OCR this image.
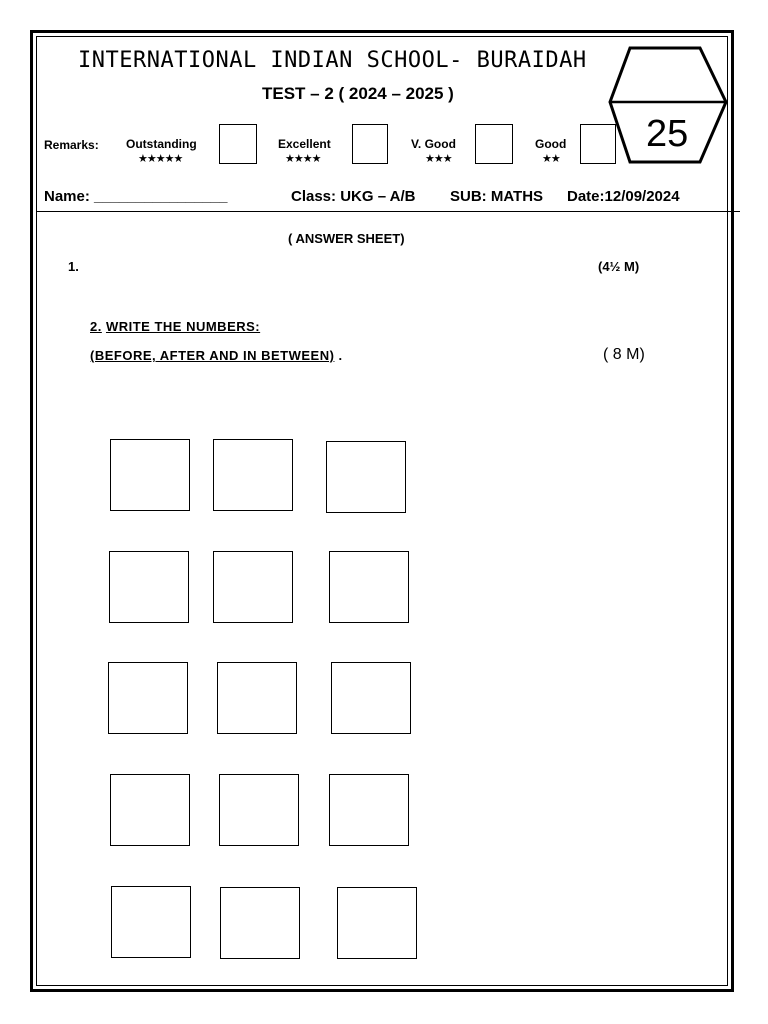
INTERNATIONAL INDIAN SCHOOL- BURAIDAH
TEST – 2 ( 2024 – 2025 )
25
Remarks: Outstanding
★★★★★
Excellent
★★★★
V. Good
★★★
Good
★★
Name: ________________	Class: UKG – A/B SUB: MATHS Date:12/09/2024
( ANSWER SHEET)
1.	(4½ M)
2. WRITE THE NUMBERS:
(BEFORE, AFTER AND IN BETWEEN) .	( 8 M)
